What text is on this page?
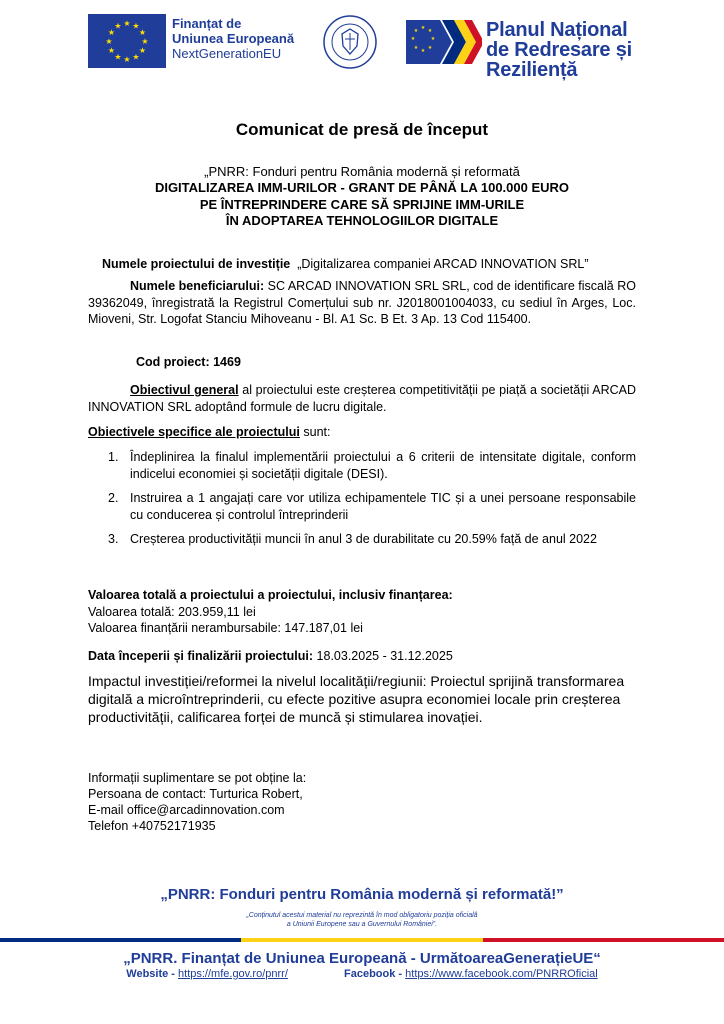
★ ★
★
★
★
★
★
★
★
★
★
★	Finanțat de
Uniunea Europeană
NextGenerationEU
★ ★
★
★
★
★
★
★	Planul Național
de Redresare și Reziliență
Comunicat de presă de început
„PNRR: Fonduri pentru România modernă și reformată
DIGITALIZAREA IMM-URILOR - GRANT DE PÂNĂ LA 100.000 EURO
PE ÎNTREPRINDERE CARE SĂ SPRIJINE IMM-URILE
ÎN ADOPTAREA TEHNOLOGIILOR DIGITALE
Numele proiectului de investiție „Digitalizarea companiei ARCAD INNOVATION SRL”

Numele beneficiarului: SC ARCAD INNOVATION SRL SRL, cod de identificare fiscală RO 39362049, înregistrată la Registrul Comerțului sub nr. J2018001004033, cu sediul în Arges, Loc. Mioveni, Str. Logofat Stanciu Mihoveanu - Bl. A1 Sc. B Et. 3 Ap. 13 Cod 115400.

Cod proiect: 1469

Obiectivul general al proiectului este creșterea competitivității pe piață a societății ARCAD INNOVATION SRL adoptând formule de lucru digitale.

Obiectivele specifice ale proiectului sunt:
1. Îndeplinirea la finalul implementării proiectului a 6 criterii de intensitate digitale, conform indicelui economiei și societății digitale (DESI).
2. Instruirea a 1 angajați care vor utiliza echipamentele TIC și a unei persoane responsabile cu conducerea și controlul întreprinderii
3. Creșterea productivității muncii în anul 3 de durabilitate cu 20.59% față de anul 2022
Valoarea totală a proiectului a proiectului, inclusiv finanțarea:
Valoarea totală: 203.959,11 lei
Valoarea finanțării nerambursabile: 147.187,01 lei
Data începerii și finalizării proiectului: 18.03.2025 - 31.12.2025
Impactul investiției/reformei la nivelul localității/regiunii: Proiectul sprijină transformarea digitală a microîntreprinderii, cu efecte pozitive asupra economiei locale prin creșterea productivității, calificarea forței de muncă și stimularea inovației.
Informații suplimentare se pot obține la:
Persoana de contact: Turturica Robert,
E-mail office@arcadinnovation.com
Telefon +40752171935
„PNRR: Fonduri pentru România modernă și reformată!”
„Conținutul acestui material nu reprezintă în mod obligatoriu poziția oficială
a Uniunii Europene sau a Guvernului României”.
„PNRR. Finanțat de Uniunea Europeană - UrmătoareaGenerațieUE“
Website - https://mfe.gov.ro/pnrr/	Facebook - https://www.facebook.com/PNRROficial
